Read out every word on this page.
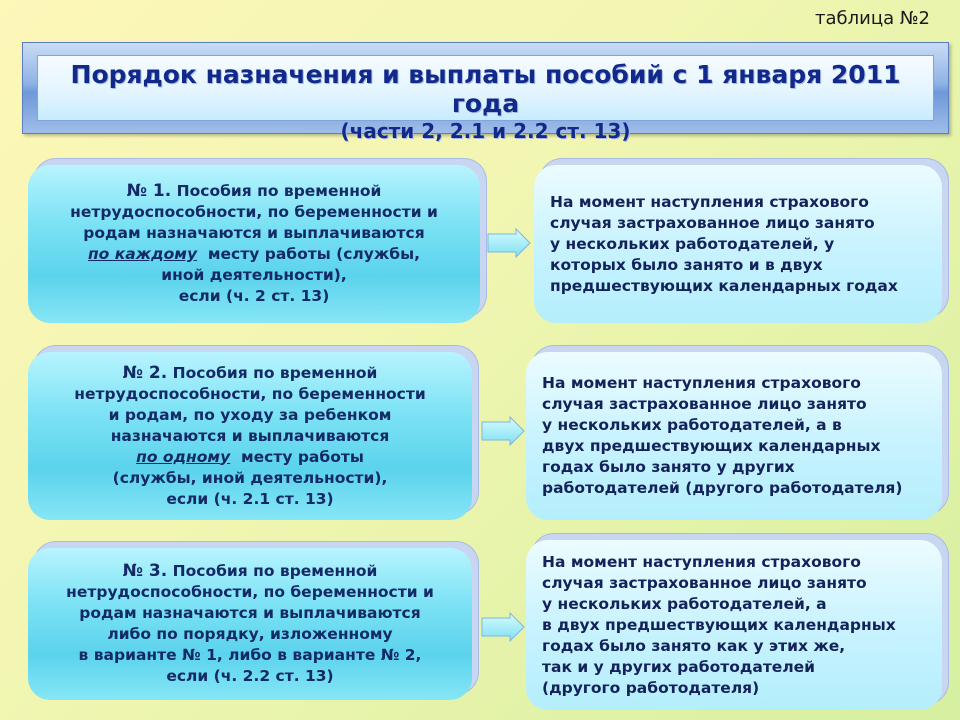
таблица №2
Порядок назначения и выплаты пособий с 1 января 2011 года
(части 2, 2.1 и 2.2 ст. 13)
№ 1. Пособия по временной
нетрудоспособности, по беременности и
родам назначаются и выплачиваются
по каждому месту работы (службы,
иной деятельности),
если (ч. 2 ст. 13)
На момент наступления страхового
случая застрахованное лицо занято
у нескольких работодателей, у
которых было занято и в двух
предшествующих календарных годах
№ 2. Пособия по временной
нетрудоспособности, по беременности
и родам, по уходу за ребенком
назначаются и выплачиваются
по одному месту работы
(службы, иной деятельности),
если (ч. 2.1 ст. 13)
На момент наступления страхового
случая застрахованное лицо занято
у нескольких работодателей, а в
двух предшествующих календарных
годах было занято у других
работодателей (другого работодателя)
№ 3. Пособия по временной
нетрудоспособности, по беременности и
родам назначаются и выплачиваются
либо по порядку, изложенному
в варианте № 1, либо в варианте № 2,
если (ч. 2.2 ст. 13)
На момент наступления страхового
случая застрахованное лицо занято
у нескольких работодателей, а
в двух предшествующих календарных
годах было занято как у этих же,
так и у других работодателей
(другого работодателя)
